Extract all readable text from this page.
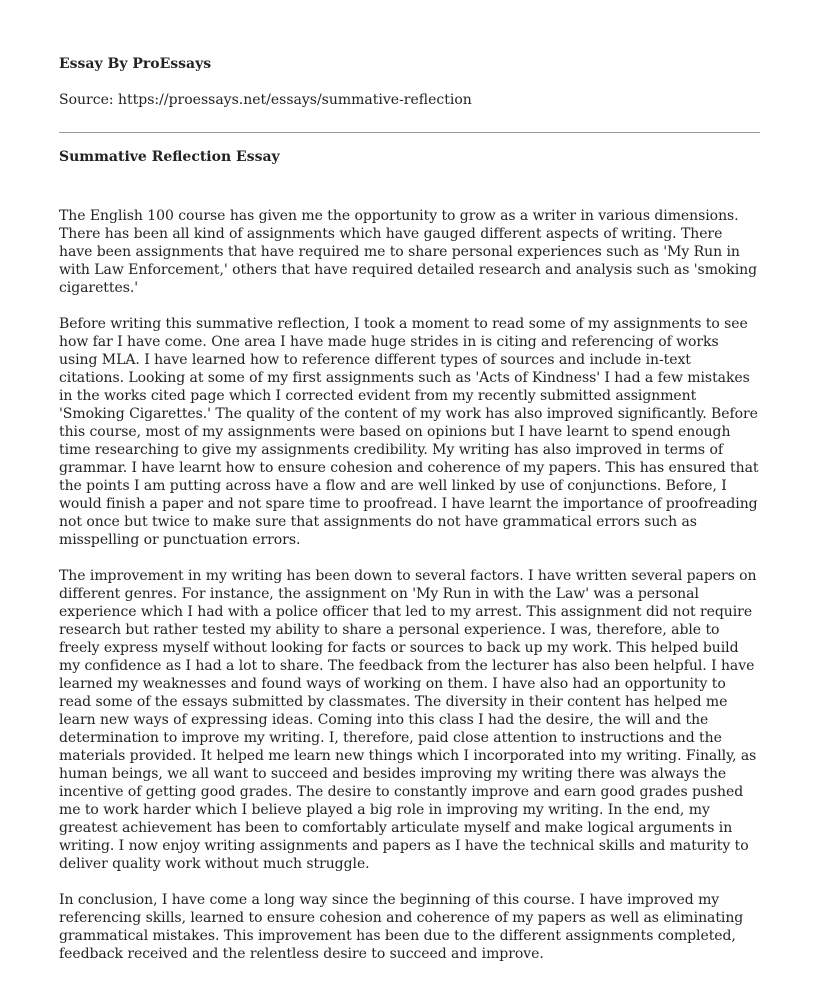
Essay By ProEssays

Source: https://proessays.net/essays/summative-reflection

Summative Reflection Essay

The English 100 course has given me the opportunity to grow as a writer in various dimensions. There has been all kind of assignments which have gauged different aspects of writing. There have been assignments that have required me to share personal experiences such as 'My Run in with Law Enforcement,' others that have required detailed research and analysis such as 'smoking cigarettes.'

Before writing this summative reflection, I took a moment to read some of my assignments to see how far I have come. One area I have made huge strides in is citing and referencing of works using MLA. I have learned how to reference different types of sources and include in-text citations. Looking at some of my first assignments such as 'Acts of Kindness' I had a few mistakes in the works cited page which I corrected evident from my recently submitted assignment 'Smoking Cigarettes.' The quality of the content of my work has also improved significantly. Before this course, most of my assignments were based on opinions but I have learnt to spend enough time researching to give my assignments credibility. My writing has also improved in terms of grammar. I have learnt how to ensure cohesion and coherence of my papers. This has ensured that the points I am putting across have a flow and are well linked by use of conjunctions. Before, I would finish a paper and not spare time to proofread. I have learnt the importance of proofreading not once but twice to make sure that assignments do not have grammatical errors such as misspelling or punctuation errors.

The improvement in my writing has been down to several factors. I have written several papers on different genres. For instance, the assignment on 'My Run in with the Law' was a personal experience which I had with a police officer that led to my arrest. This assignment did not require research but rather tested my ability to share a personal experience. I was, therefore, able to freely express myself without looking for facts or sources to back up my work. This helped build my confidence as I had a lot to share. The feedback from the lecturer has also been helpful. I have learned my weaknesses and found ways of working on them. I have also had an opportunity to read some of the essays submitted by classmates. The diversity in their content has helped me learn new ways of expressing ideas. Coming into this class I had the desire, the will and the determination to improve my writing. I, therefore, paid close attention to instructions and the materials provided. It helped me learn new things which I incorporated into my writing. Finally, as human beings, we all want to succeed and besides improving my writing there was always the incentive of getting good grades. The desire to constantly improve and earn good grades pushed me to work harder which I believe played a big role in improving my writing. In the end, my greatest achievement has been to comfortably articulate myself and make logical arguments in writing. I now enjoy writing assignments and papers as I have the technical skills and maturity to deliver quality work without much struggle.

In conclusion, I have come a long way since the beginning of this course. I have improved my referencing skills, learned to ensure cohesion and coherence of my papers as well as eliminating grammatical mistakes. This improvement has been due to the different assignments completed, feedback received and the relentless desire to succeed and improve.
